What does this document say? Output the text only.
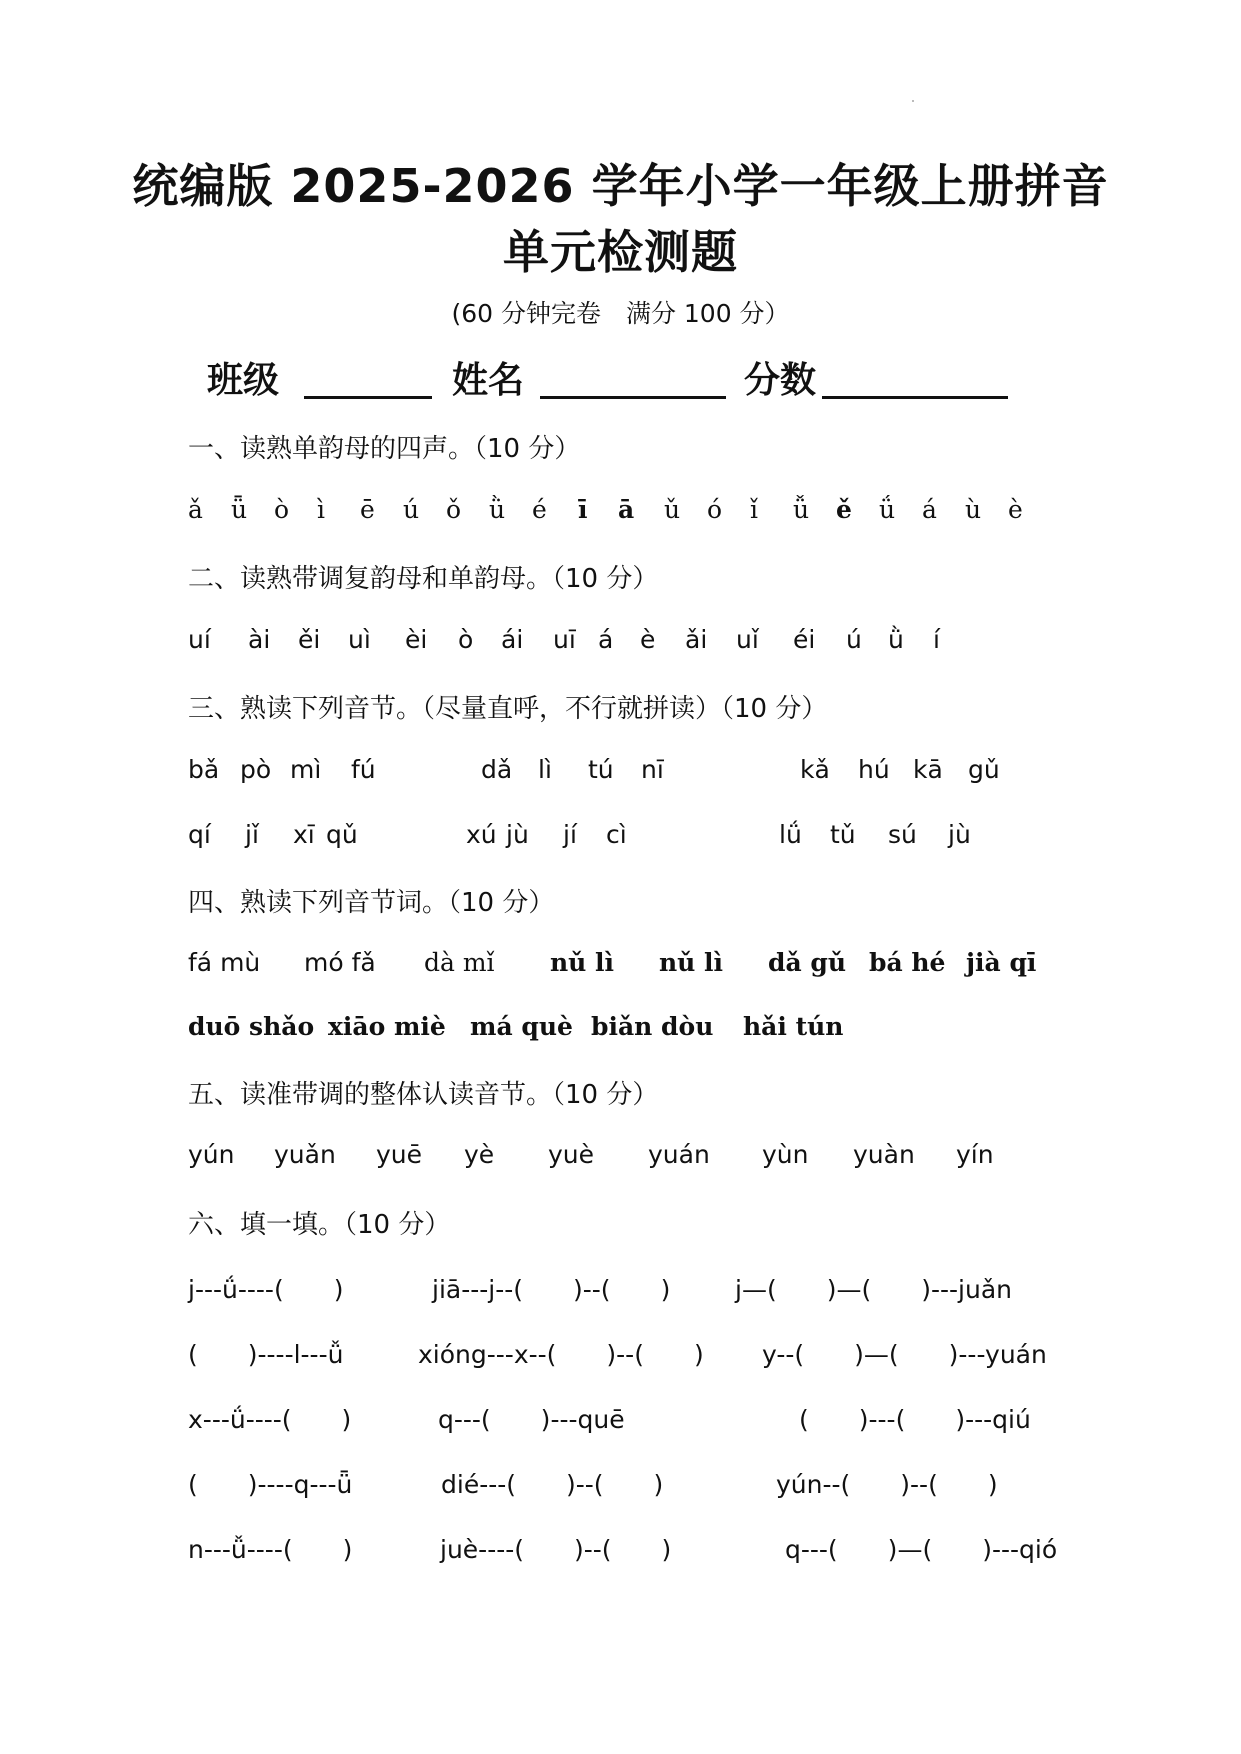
统编版 2025-2026 学年小学一年级上册拼音
单元检测题
(60 分钟完卷　满分 100 分）
班级	姓名	分数
一、读熟单韵母的四声。（10 分）
ǎ ǖ ò ì ē ú ǒ ǜ é ī ā ǔ ó ǐ ǚ ě ǘ á ù è
二、读熟带调复韵母和单韵母。（10 分）
uí ài ěi uì èi ò ái uī á è ǎi uǐ éi ú ǜ í
三、熟读下列音节。（尽量直呼，不行就拼读）（10 分）
bǎ pò mì fú	dǎ lì tú nī	kǎ hú kā gǔ
qí jǐ xī qǔ	xú jù jí cì	lǘ tǔ sú jù
四、熟读下列音节词。（10 分）
fá mù mó fǎ dà mǐ nǔ lì nǔ lì dǎ gǔ bá hé jià qī
duō shǎo xiāo miè má què biǎn dòu hǎi tún
五、读准带调的整体认读音节。（10 分）
yún yuǎn yuē yè yuè yuán yùn yuàn yín
六、填一填。（10 分）
j---ǘ----(　　)	jiā---j--(　　)--(　　)	j—(　　)—(　　)---juǎn
(　　)----l---ǚ	xióng---x--(　　)--(　　) y--(　　)—(　　)---yuán
x---ǘ----(　　)	q---(　　)---quē	(　　)---(　　)---qiú
(　　)----q---ǖ	dié---(　　)--(　　)	yún--(　　)--(　　)
n---ǚ----(　　)	juè----(　　)--(　　)	q---(　　)—(　　)---qió
